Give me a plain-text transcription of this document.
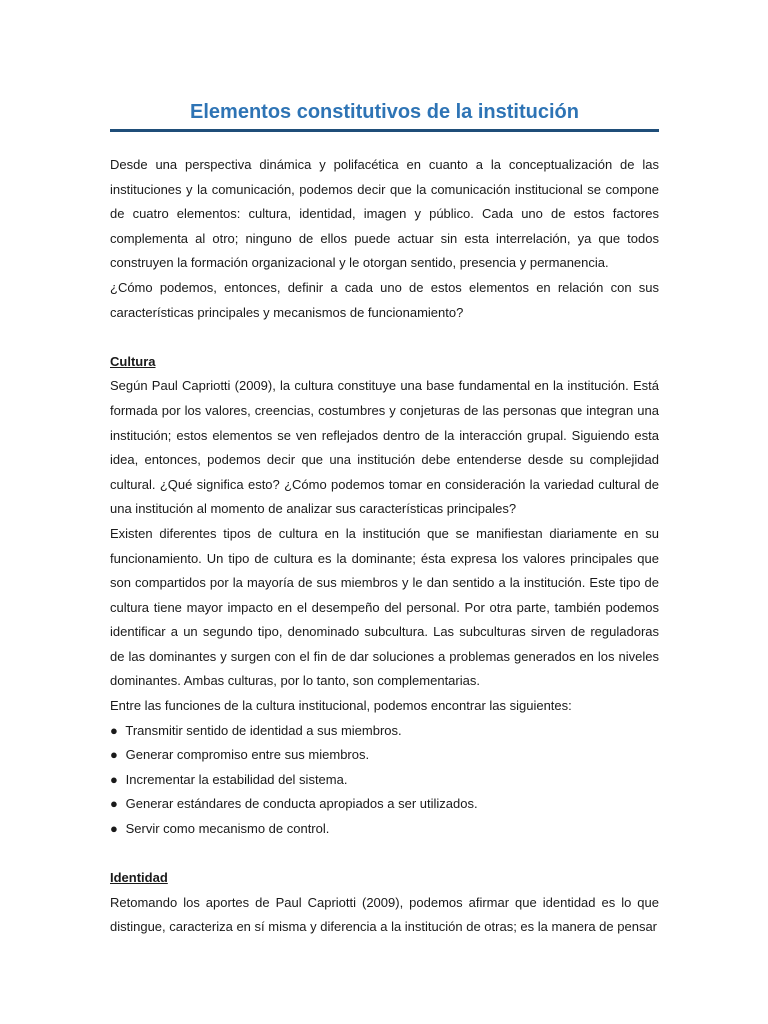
Elementos constitutivos de la institución

Desde una perspectiva dinámica y polifacética en cuanto a la conceptualización de las instituciones y la comunicación, podemos decir que la comunicación institucional se compone de cuatro elementos: cultura, identidad, imagen y público. Cada uno de estos factores complementa al otro; ninguno de ellos puede actuar sin esta interrelación, ya que todos construyen la formación organizacional y le otorgan sentido, presencia y permanencia.

¿Cómo podemos, entonces, definir a cada uno de estos elementos en relación con sus características principales y mecanismos de funcionamiento?

Cultura

Según Paul Capriotti (2009), la cultura constituye una base fundamental en la institución. Está formada por los valores, creencias, costumbres y conjeturas de las personas que integran una institución; estos elementos se ven reflejados dentro de la interacción grupal. Siguiendo esta idea, entonces, podemos decir que una institución debe entenderse desde su complejidad cultural. ¿Qué significa esto? ¿Cómo podemos tomar en consideración la variedad cultural de una institución al momento de analizar sus características principales?

Existen diferentes tipos de cultura en la institución que se manifiestan diariamente en su funcionamiento. Un tipo de cultura es la dominante; ésta expresa los valores principales que son compartidos por la mayoría de sus miembros y le dan sentido a la institución. Este tipo de cultura tiene mayor impacto en el desempeño del personal. Por otra parte, también podemos identificar a un segundo tipo, denominado subcultura. Las subculturas sirven de reguladoras de las dominantes y surgen con el fin de dar soluciones a problemas generados en los niveles dominantes. Ambas culturas, por lo tanto, son complementarias.

Entre las funciones de la cultura institucional, podemos encontrar las siguientes:

● Transmitir sentido de identidad a sus miembros.
● Generar compromiso entre sus miembros.
● Incrementar la estabilidad del sistema.
● Generar estándares de conducta apropiados a ser utilizados.
● Servir como mecanismo de control.

Identidad

Retomando los aportes de Paul Capriotti (2009), podemos afirmar que identidad es lo que distingue, caracteriza en sí misma y diferencia a la institución de otras; es la manera de pensar
